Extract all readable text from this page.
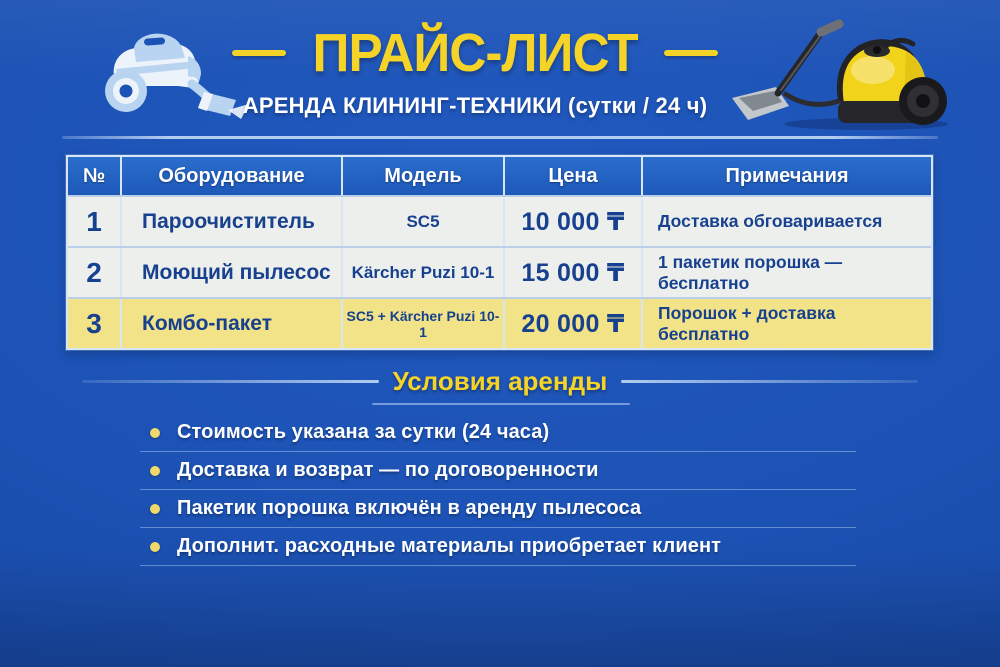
ПРАЙС-ЛИСТ
АРЕНДА КЛИНИНГ-ТЕХНИКИ (сутки / 24 ч)
№	Оборудование	Модель	Цена	Примечания
1	Пароочиститель	SC5	10 000 ₸	Доставка обговаривается
2	Моющий пылесос	Kärcher Puzi 10-1	15 000 ₸	1 пакетик порошка — бесплатно
3	Комбо-пакет	SC5 + Kärcher Puzi 10-1	20 000 ₸	Порошок + доставка бесплатно
Условия аренды
Стоимость указана за сутки (24 часа)
Доставка и возврат — по договоренности
Пакетик порошка включён в аренду пылесоса
Дополнит. расходные материалы приобретает клиент
